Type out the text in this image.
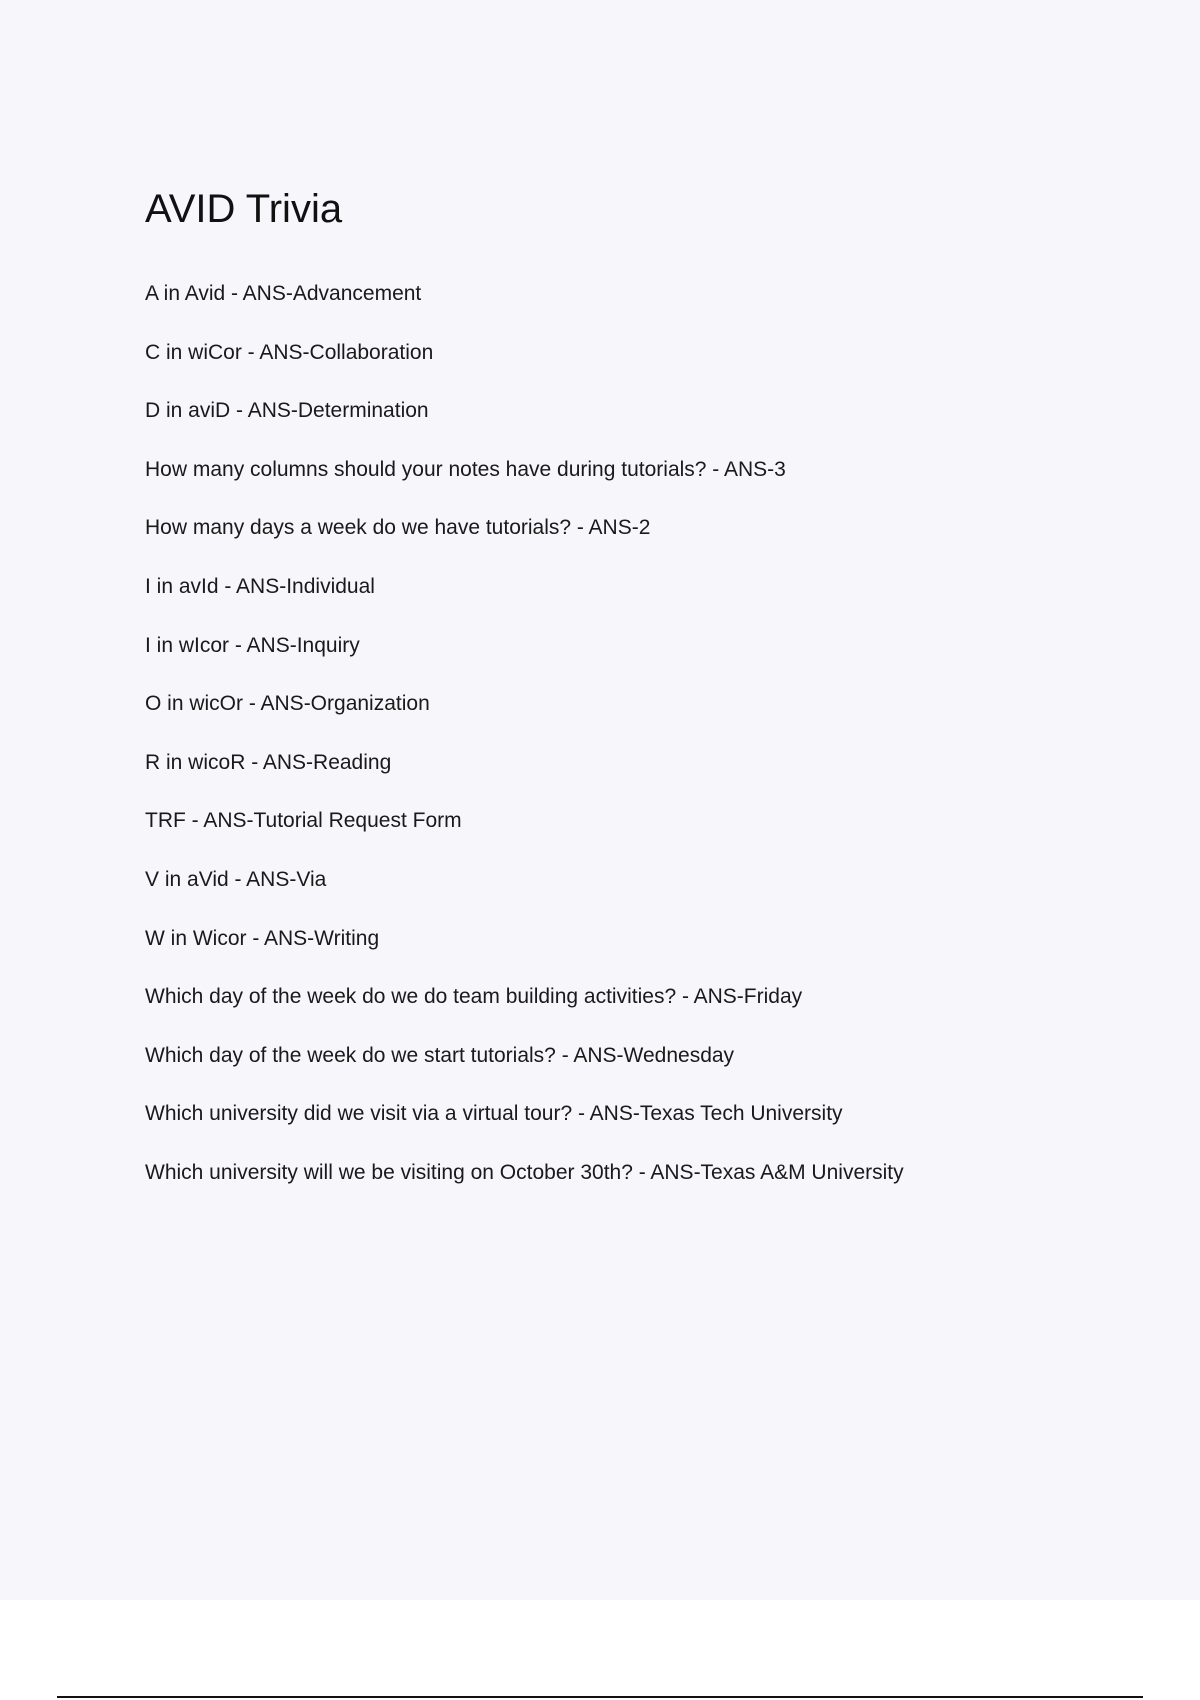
AVID Trivia
A in Avid - ANS-Advancement
C in wiCor - ANS-Collaboration
D in aviD - ANS-Determination
How many columns should your notes have during tutorials? - ANS-3
How many days a week do we have tutorials? - ANS-2
I in avId - ANS-Individual
I in wIcor - ANS-Inquiry
O in wicOr - ANS-Organization
R in wicoR - ANS-Reading
TRF - ANS-Tutorial Request Form
V in aVid - ANS-Via
W in Wicor - ANS-Writing
Which day of the week do we do team building activities? - ANS-Friday
Which day of the week do we start tutorials? - ANS-Wednesday
Which university did we visit via a virtual tour? - ANS-Texas Tech University
Which university will we be visiting on October 30th? - ANS-Texas A&M University
